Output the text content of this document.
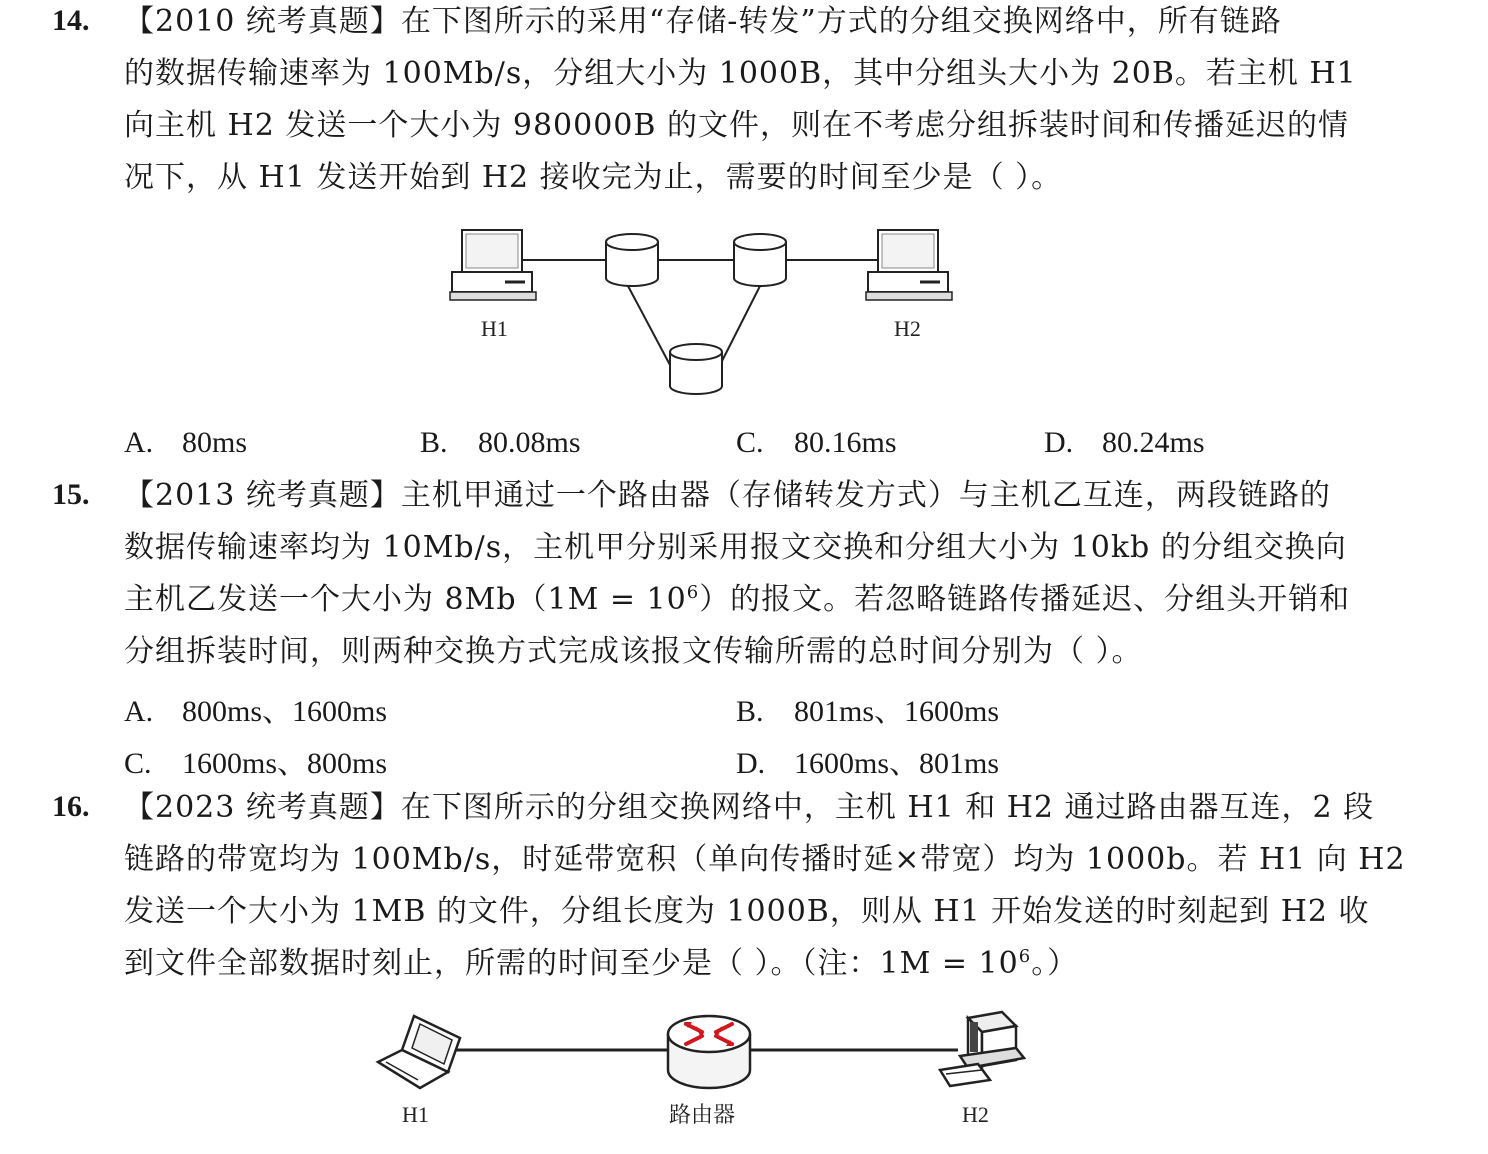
14. 【2010 统考真题】在下图所示的采用“存储-转发”方式的分组交换网络中，所有链路
的数据传输速率为 100Mb/s，分组大小为 1000B，其中分组头大小为 20B。若主机 H1
向主机 H2 发送一个大小为 980000B 的文件，则在不考虑分组拆装时间和传播延迟的情
况下，从 H1 发送开始到 H2 接收完为止，需要的时间至少是（ ）。
H1	H2
H1	路由器	H2
A. 80ms	B. 80.08ms	C. 80.16ms	D. 80.24ms
15. 【2013 统考真题】主机甲通过一个路由器（存储转发方式）与主机乙互连，两段链路的
数据传输速率均为 10Mb/s，主机甲分别采用报文交换和分组大小为 10kb 的分组交换向
主机乙发送一个大小为 $8Mb(1M = 10^6)$的报文。若忽略链路传播延迟、分组头开销和
分组拆装时间，则两种交换方式完成该报文传输所需的总时间分别为（ ）。
A. 800ms、1600ms	B. 801ms、1600ms
C. 1600ms、800ms	D. 1600ms、801ms
16. 【2023 统考真题】在下图所示的分组交换网络中，主机 H1 和 H2 通过路由器互连，2 段
链路的带宽均为 100Mb/s，时延带宽积（单向传播时延×带宽）均为 1000b。若 H1 向 H2
发送一个大小为 1MB 的文件，分组长度为 1000B，则从 H1 开始发送的时刻起到 H2 收
到文件全部数据时刻止，所需的时间至少是（ ）。（注：$1M = 10^6$。）
